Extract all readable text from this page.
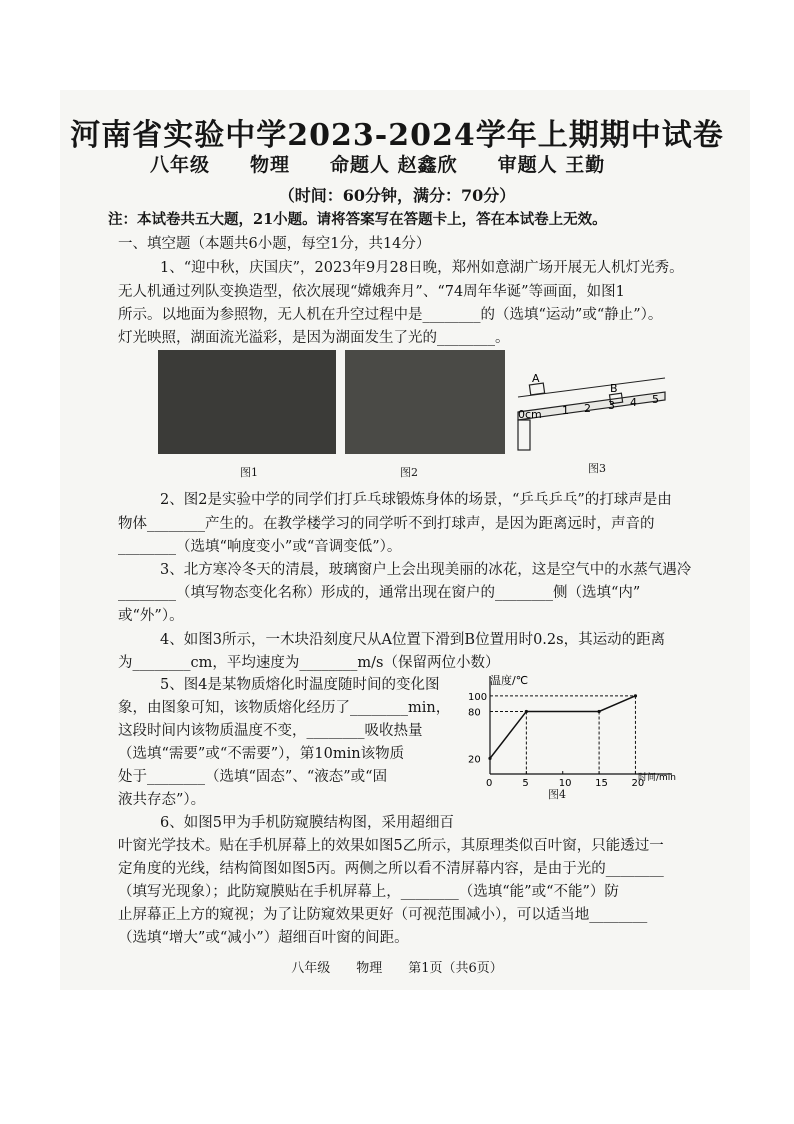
河南省实验中学2023-2024学年上期期中试卷
八年级　　物理　　命题人 赵鑫欣　　审题人 王勤
（时间：60分钟，满分：70分）
注：本试卷共五大题，21小题。请将答案写在答题卡上，答在本试卷上无效。
一、填空题（本题共6小题，每空1分，共14分）
1、“迎中秋，庆国庆”，2023年9月28日晚，郑州如意湖广场开展无人机灯光秀。
无人机通过列队变换造型，依次展现“嫦娥奔月”、“74周年华诞”等画面，如图1
所示。以地面为参照物，无人机在升空过程中是________的（选填“运动”或“静止”）。
灯光映照，湖面流光溢彩，是因为湖面发生了光的________。
图1	图2
A
B
0cm 1 2 3 4 5
图3
2、图2是实验中学的同学们打乒乓球锻炼身体的场景，“乒乓乒乓”的打球声是由
物体________产生的。在教学楼学习的同学听不到打球声，是因为距离远时，声音的
________（选填“响度变小”或“音调变低”）。
3、北方寒冷冬天的清晨，玻璃窗户上会出现美丽的冰花，这是空气中的水蒸气遇冷
________（填写物态变化名称）形成的，通常出现在窗户的________侧（选填“内”
或“外”）。
4、如图3所示，一木块沿刻度尺从A位置下滑到B位置用时0.2s，其运动的距离
为________cm，平均速度为________m/s（保留两位小数）
5、图4是某物质熔化时温度随时间的变化图
象，由图象可知，该物质熔化经历了________min，
这段时间内该物质温度不变，________吸收热量
（选填“需要”或“不需要”），第10min该物质
处于________（选填“固态”、“液态”或“固
液共存态”）。
0	5	10 15 20
100
80
20
温度/℃
时间/min
图4
6、如图5甲为手机防窥膜结构图，采用超细百
叶窗光学技术。贴在手机屏幕上的效果如图5乙所示，其原理类似百叶窗，只能透过一
定角度的光线，结构简图如图5丙。两侧之所以看不清屏幕内容，是由于光的________
（填写光现象）；此防窥膜贴在手机屏幕上，________（选填“能”或“不能”）防
止屏幕正上方的窥视；为了让防窥效果更好（可视范围减小），可以适当地________
（选填“增大”或“减小”）超细百叶窗的间距。
八年级　　物理　　第1页（共6页）
